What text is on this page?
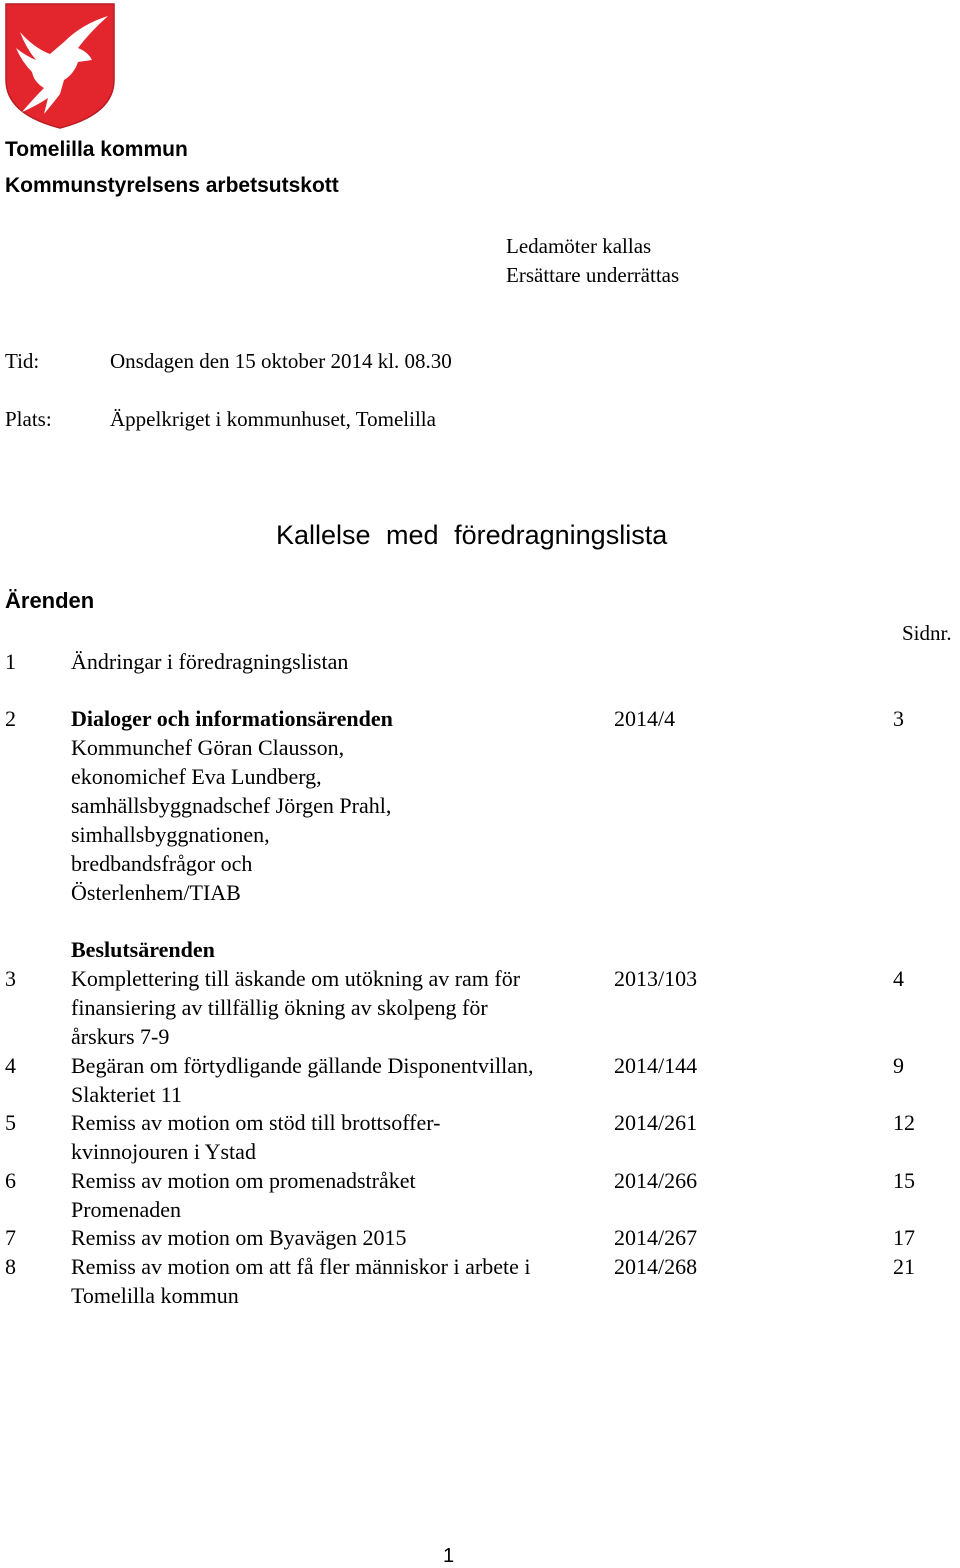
Tomelilla kommun
Kommunstyrelsens arbetsutskott
Ledamöter kallas
Ersättare underrättas
Tid:	Onsdagen den 15 oktober 2014 kl. 08.30
Plats:	Äppelkriget i kommunhuset, Tomelilla
Kallelse med föredragningslista
Ärenden
Sidnr.
1	Ändringar i föredragningslistan
2	Dialoger och informationsärenden
Kommunchef Göran Clausson,
ekonomichef Eva Lundberg,
samhällsbyggnadschef Jörgen Prahl,
simhallsbyggnationen,
bredbandsfrågor och
Österlenhem/TIAB
2014/4	3
Beslutsärenden
3	Komplettering till äskande om utökning av ram för
finansiering av tillfällig ökning av skolpeng för
årskurs 7-9
2013/103	4
4	Begäran om förtydligande gällande Disponentvillan,
Slakteriet 11
2014/144	9
5	Remiss av motion om stöd till brottsoffer-
kvinnojouren i Ystad
2014/261	12
6	Remiss av motion om promenadstråket
Promenaden
2014/266	15
7	Remiss av motion om Byavägen 2015	2014/267	17
8	Remiss av motion om att få fler människor i arbete i
Tomelilla kommun
2014/268	21
1
